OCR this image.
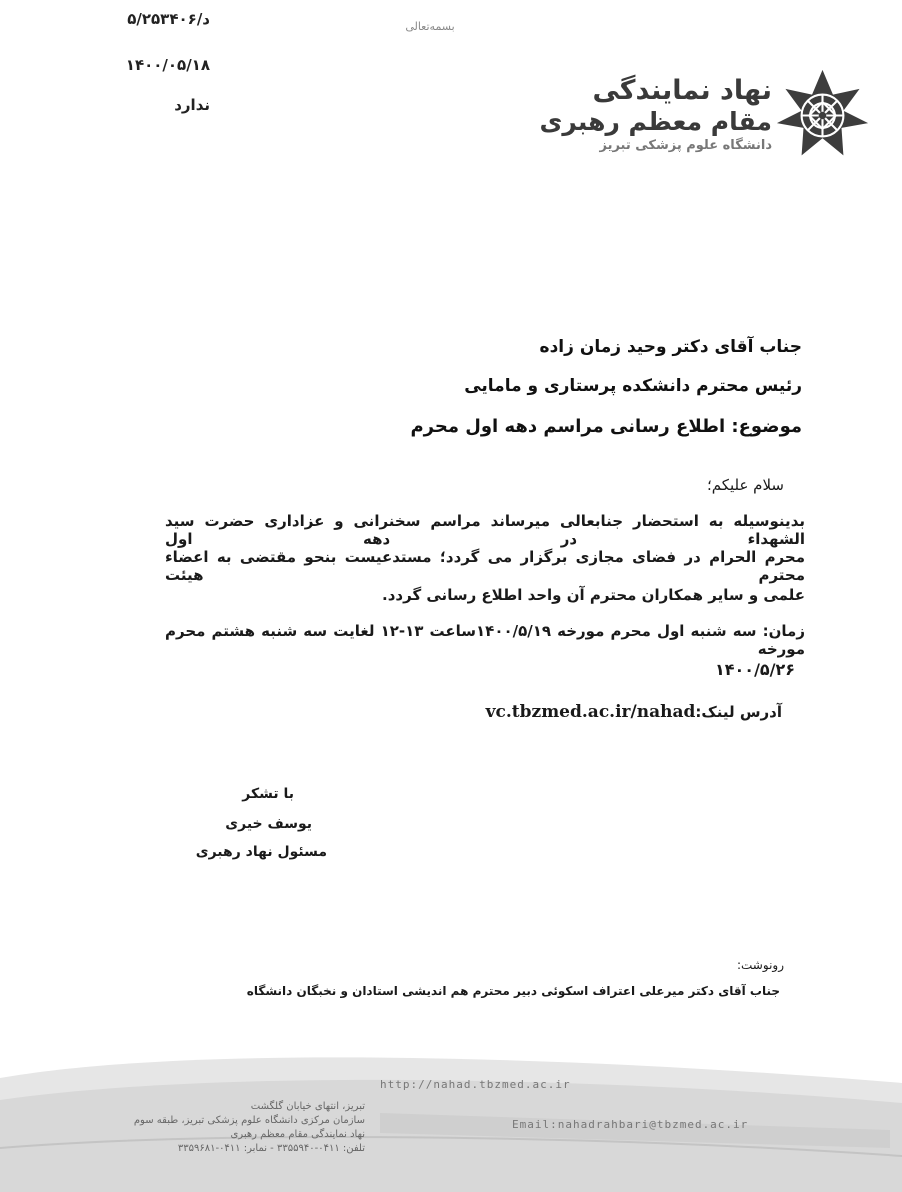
۵/د/۲۵۳۴۰۶
۱۴۰۰/۰۵/۱۸
ندارد
بسمه‌تعالی
نهاد نمایندگی
مقام معظم رهبری
دانشگاه علوم پزشکی تبریز
جناب آقای دکتر وحید زمان زاده
رئیس محترم دانشکده پرستاری و مامایی
موضوع: اطلاع رسانی مراسم دهه اول محرم
سلام علیکم؛
بدینوسیله به استحضار جنابعالی میرساند مراسم سخنرانی و عزاداری حضرت سید الشهداء در دهه اول
محرم الحرام در فضای مجازی برگزار می گردد؛ مستدعیست بنحو مقتضی به اعضاء محترم هیئت
علمی و سایر همکاران محترم آن واحد اطلاع رسانی گردد.
زمان: سه شنبه اول محرم مورخه ۱۴۰۰/۵/۱۹ساعت ۱۳-۱۲ لغایت سه شنبه هشتم محرم مورخه
۱۴۰۰/۵/۲۶
آدرس لینک:vc.tbzmed.ac.ir/nahad
با تشکر
یوسف خیری
مسئول نهاد رهبری
رونوشت:
جناب آقای دکتر میرعلی اعتراف اسکوئی دبیر محترم هم اندیشی استادان و نخبگان دانشگاه
http://nahad.tbzmed.ac.ir
Email:nahadrahbari@tbzmed.ac.ir
تبریز، انتهای خیابان گلگشت
سازمان مرکزی دانشگاه علوم پزشکی تبریز، طبقه سوم
نهاد نمایندگی مقام معظم رهبری
تلفن: ۰۴۱۱-۳۳۵۵۹۴۰ - نمابر: ۰۴۱۱-۳۳۵۹۶۸۱
